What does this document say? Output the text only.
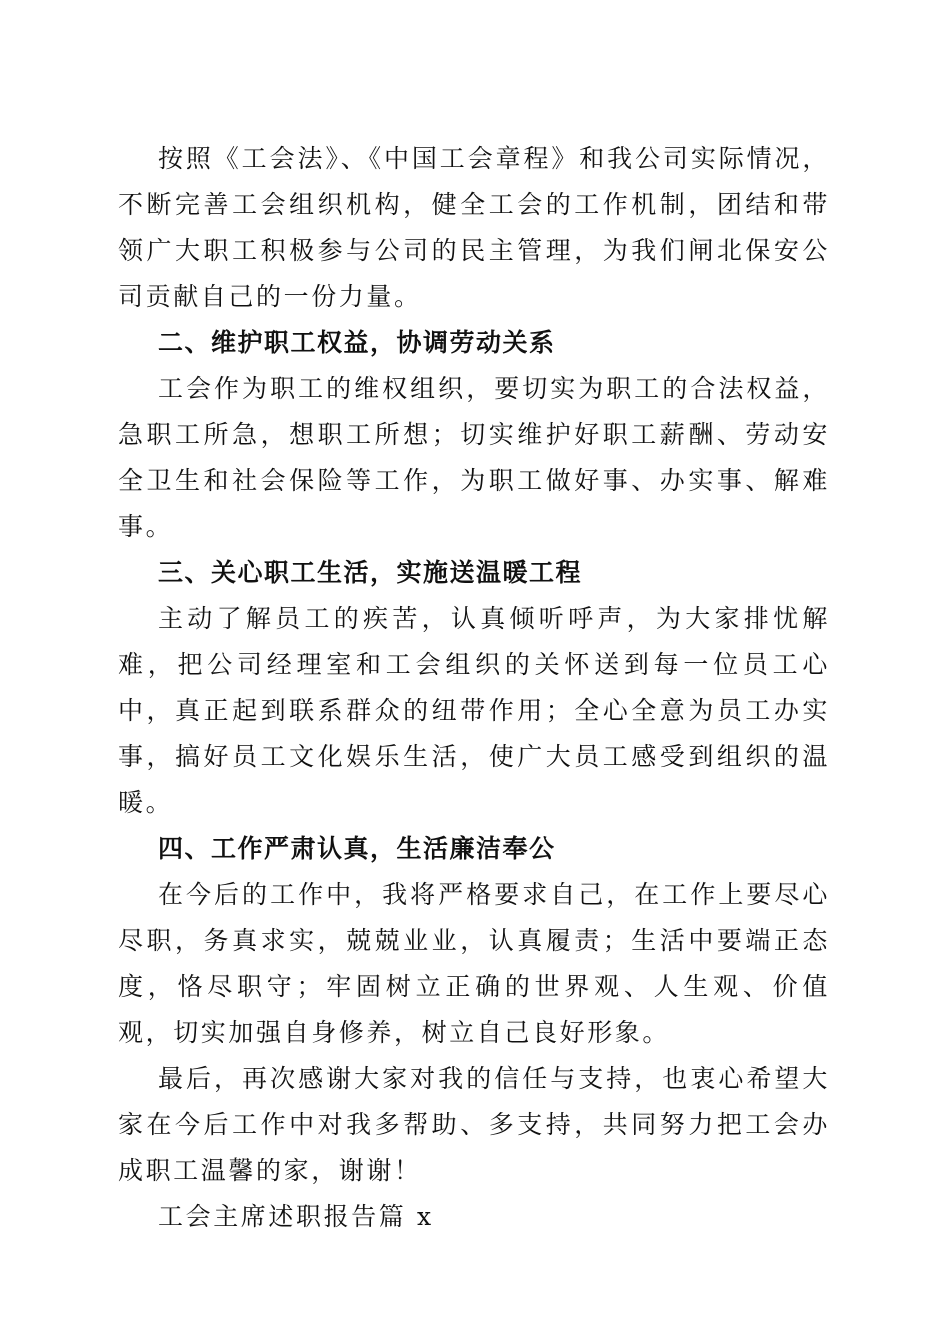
按照《工会法》、《中国工会章程》和我公司实际情况，不断完善工会组织机构，健全工会的工作机制，团结和带领广大职工积极参与公司的民主管理，为我们闸北保安公司贡献自己的一份力量。

二、维护职工权益，协调劳动关系

工会作为职工的维权组织，要切实为职工的合法权益，急职工所急，想职工所想；切实维护好职工薪酬、劳动安全卫生和社会保险等工作，为职工做好事、办实事、解难事。

三、关心职工生活，实施送温暖工程

主动了解员工的疾苦，认真倾听呼声，为大家排忧解难，把公司经理室和工会组织的关怀送到每一位员工心中，真正起到联系群众的纽带作用；全心全意为员工办实事，搞好员工文化娱乐生活，使广大员工感受到组织的温暖。

四、工作严肃认真，生活廉洁奉公

在今后的工作中，我将严格要求自己，在工作上要尽心尽职，务真求实，兢兢业业，认真履责；生活中要端正态度，恪尽职守；牢固树立正确的世界观、人生观、价值观，切实加强自身修养，树立自己良好形象。

最后，再次感谢大家对我的信任与支持，也衷心希望大家在今后工作中对我多帮助、多支持，共同努力把工会办成职工温馨的家，谢谢！

工会主席述职报告篇 x
